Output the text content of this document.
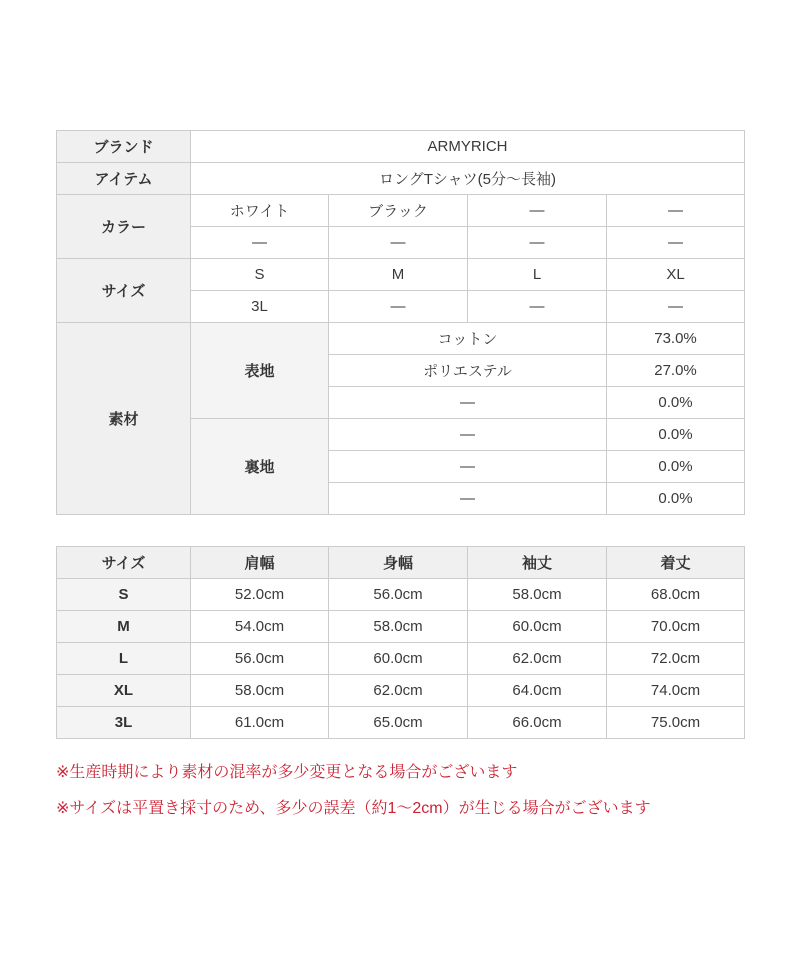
ブランド	ARMYRICH			
アイテム	ロングTシャツ(5分～長袖)			
カラー	ホワイト	ブラック	—	—
	—	—	—	—
サイズ	S	M	L	XL
	3L	—	—	—
素材	表地	コットン		73.0%
		ポリエステル		27.0%
		—		0.0%
	裏地	—		0.0%
		—		0.0%
		—		0.0%
サイズ	肩幅	身幅	袖丈	着丈
S	52.0cm	56.0cm	58.0cm	68.0cm
M	54.0cm	58.0cm	60.0cm	70.0cm
L	56.0cm	60.0cm	62.0cm	72.0cm
XL	58.0cm	62.0cm	64.0cm	74.0cm
3L	61.0cm	65.0cm	66.0cm	75.0cm

※生産時期により素材の混率が多少変更となる場合がございます

※サイズは平置き採寸のため、多少の誤差（約1～2cm）が生じる場合がございます
